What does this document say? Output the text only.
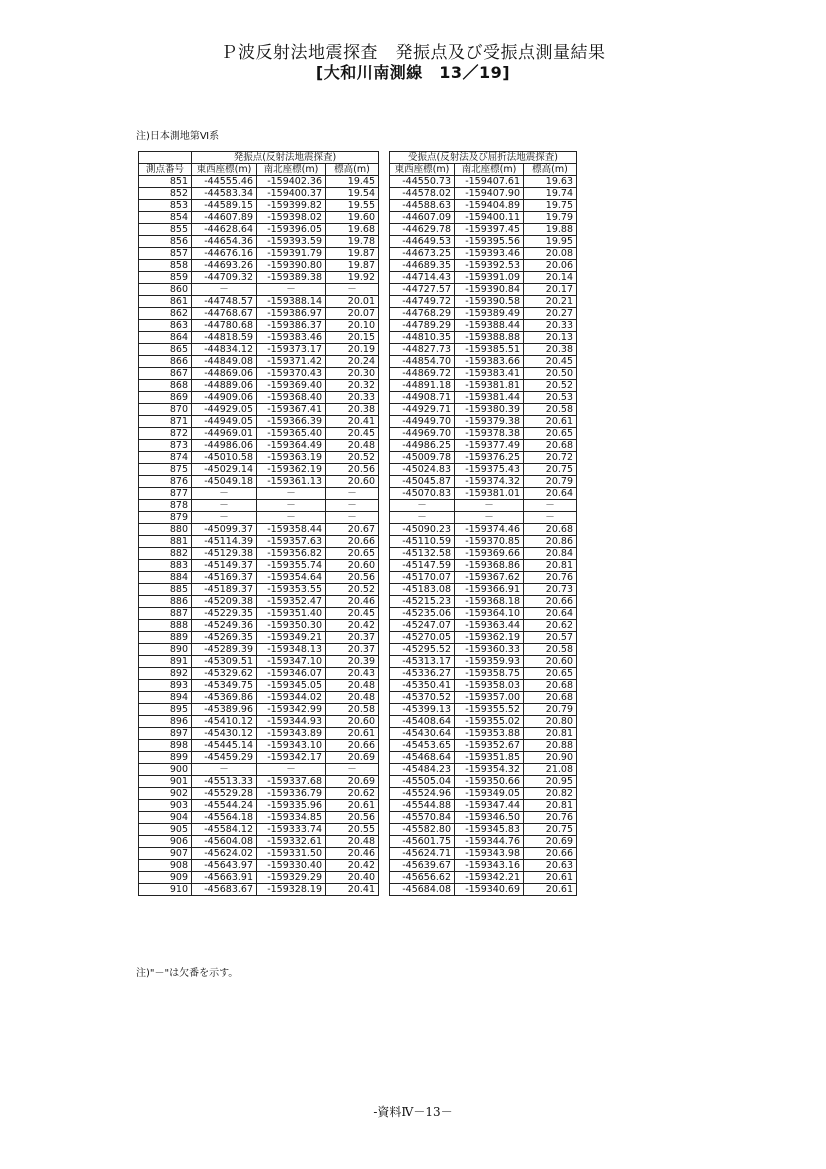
Ｐ波反射法地震探査　発振点及び受振点測量結果
[大和川南測線　13／19]
注)日本測地第Ⅵ系
	発振点(反射法地震探査)				受振点(反射法及び屈折法地震探査)		
測点番号	東西座標(m)	南北座標(m)	標高(m)		東西座標(m)	南北座標(m)	標高(m)
851	-44555.46	-159402.36	19.45		-44550.73	-159407.61	19.63
852	-44583.34	-159400.37	19.54		-44578.02	-159407.90	19.74
853	-44589.15	-159399.82	19.55		-44588.63	-159404.89	19.75
854	-44607.89	-159398.02	19.60		-44607.09	-159400.11	19.79
855	-44628.64	-159396.05	19.68		-44629.78	-159397.45	19.88
856	-44654.36	-159393.59	19.78		-44649.53	-159395.56	19.95
857	-44676.16	-159391.79	19.87		-44673.25	-159393.46	20.08
858	-44693.26	-159390.80	19.87		-44689.35	-159392.53	20.06
859	-44709.32	-159389.38	19.92		-44714.43	-159391.09	20.14
860	－	－	－		-44727.57	-159390.84	20.17
861	-44748.57	-159388.14	20.01		-44749.72	-159390.58	20.21
862	-44768.67	-159386.97	20.07		-44768.29	-159389.49	20.27
863	-44780.68	-159386.37	20.10		-44789.29	-159388.44	20.33
864	-44818.59	-159383.46	20.15		-44810.35	-159388.88	20.13
865	-44834.12	-159373.17	20.19		-44827.73	-159385.51	20.38
866	-44849.08	-159371.42	20.24		-44854.70	-159383.66	20.45
867	-44869.06	-159370.43	20.30		-44869.72	-159383.41	20.50
868	-44889.06	-159369.40	20.32		-44891.18	-159381.81	20.52
869	-44909.06	-159368.40	20.33		-44908.71	-159381.44	20.53
870	-44929.05	-159367.41	20.38		-44929.71	-159380.39	20.58
871	-44949.05	-159366.39	20.41		-44949.70	-159379.38	20.61
872	-44969.01	-159365.40	20.45		-44969.70	-159378.38	20.65
873	-44986.06	-159364.49	20.48		-44986.25	-159377.49	20.68
874	-45010.58	-159363.19	20.52		-45009.78	-159376.25	20.72
875	-45029.14	-159362.19	20.56		-45024.83	-159375.43	20.75
876	-45049.18	-159361.13	20.60		-45045.87	-159374.32	20.79
877	－	－	－		-45070.83	-159381.01	20.64
878	－	－	－		－	－	－
879	－	－	－		－	－	－
880	-45099.37	-159358.44	20.67		-45090.23	-159374.46	20.68
881	-45114.39	-159357.63	20.66		-45110.59	-159370.85	20.86
882	-45129.38	-159356.82	20.65		-45132.58	-159369.66	20.84
883	-45149.37	-159355.74	20.60		-45147.59	-159368.86	20.81
884	-45169.37	-159354.64	20.56		-45170.07	-159367.62	20.76
885	-45189.37	-159353.55	20.52		-45183.08	-159366.91	20.73
886	-45209.38	-159352.47	20.46		-45215.23	-159368.18	20.66
887	-45229.35	-159351.40	20.45		-45235.06	-159364.10	20.64
888	-45249.36	-159350.30	20.42		-45247.07	-159363.44	20.62
889	-45269.35	-159349.21	20.37		-45270.05	-159362.19	20.57
890	-45289.39	-159348.13	20.37		-45295.52	-159360.33	20.58
891	-45309.51	-159347.10	20.39		-45313.17	-159359.93	20.60
892	-45329.62	-159346.07	20.43		-45336.27	-159358.75	20.65
893	-45349.75	-159345.05	20.48		-45350.41	-159358.03	20.68
894	-45369.86	-159344.02	20.48		-45370.52	-159357.00	20.68
895	-45389.96	-159342.99	20.58		-45399.13	-159355.52	20.79
896	-45410.12	-159344.93	20.60		-45408.64	-159355.02	20.80
897	-45430.12	-159343.89	20.61		-45430.64	-159353.88	20.81
898	-45445.14	-159343.10	20.66		-45453.65	-159352.67	20.88
899	-45459.29	-159342.17	20.69		-45468.64	-159351.85	20.90
900	－	－	－		-45484.23	-159354.32	21.08
901	-45513.33	-159337.68	20.69		-45505.04	-159350.66	20.95
902	-45529.28	-159336.79	20.62		-45524.96	-159349.05	20.82
903	-45544.24	-159335.96	20.61		-45544.88	-159347.44	20.81
904	-45564.18	-159334.85	20.56		-45570.84	-159346.50	20.76
905	-45584.12	-159333.74	20.55		-45582.80	-159345.83	20.75
906	-45604.08	-159332.61	20.48		-45601.75	-159344.76	20.69
907	-45624.02	-159331.50	20.46		-45624.71	-159343.98	20.66
908	-45643.97	-159330.40	20.42		-45639.67	-159343.16	20.63
909	-45663.91	-159329.29	20.40		-45656.62	-159342.21	20.61
910	-45683.67	-159328.19	20.41		-45684.08	-159340.69	20.61
注)"－"は欠番を示す。
-資料Ⅳ－13－
